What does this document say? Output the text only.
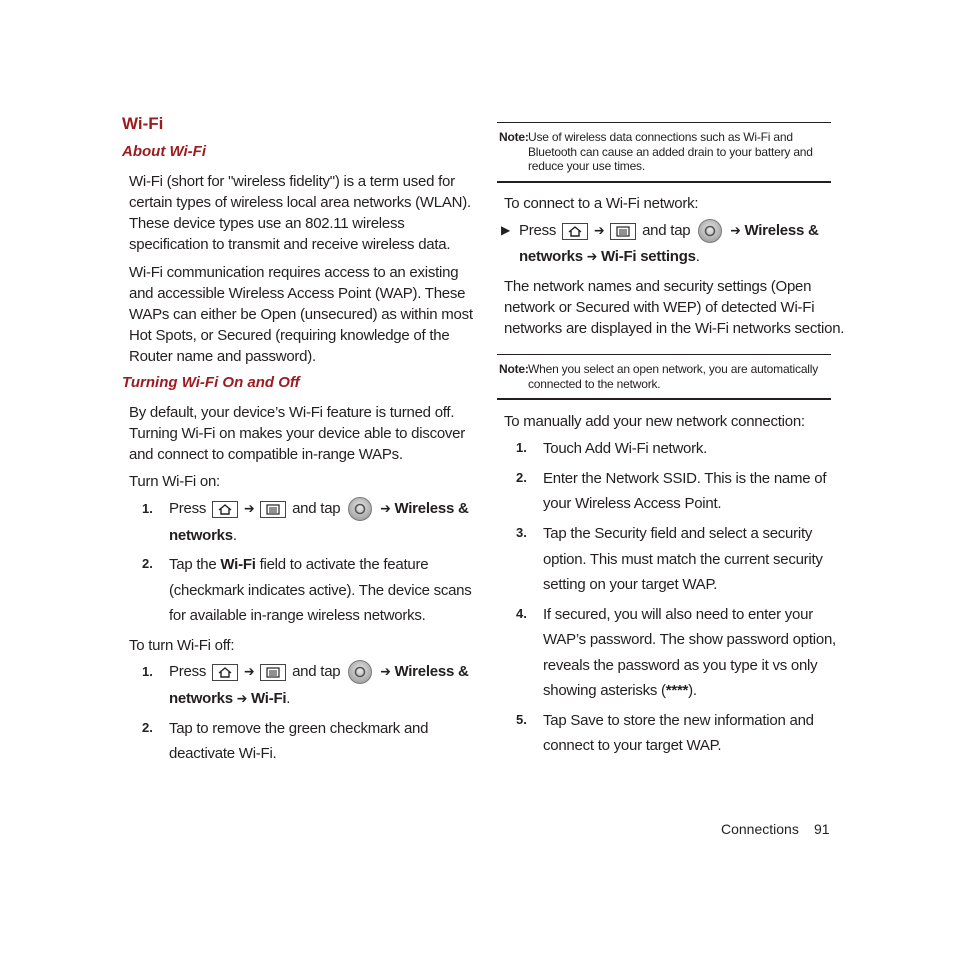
Wi-Fi
About Wi-Fi
Wi-Fi (short for "wireless fidelity") is a term used for
certain types of wireless local area networks (WLAN).
These device types use an 802.11 wireless
specification to transmit and receive wireless data.
Wi-Fi communication requires access to an existing
and accessible Wireless Access Point (WAP). These
WAPs can either be Open (unsecured) as within most
Hot Spots, or Secured (requiring knowledge of the
Router name and password).
Turning Wi-Fi On and Off
By default, your device’s Wi-Fi feature is turned off.
Turning Wi-Fi on makes your device able to discover
and connect to compatible in-range WAPs.
Turn Wi-Fi on:
1. Press	➔	and tap	➔ Wireless &
networks.
2. Tap the Wi-Fi field to activate the feature
(checkmark indicates active). The device scans
for available in-range wireless networks.
To turn Wi-Fi off:
1. Press	➔	and tap	➔ Wireless &
networks ➔ Wi-Fi.
2. Tap to remove the green checkmark and
deactivate Wi-Fi.
Note: Use of wireless data connections such as Wi-Fi and
Bluetooth can cause an added drain to your battery and
reduce your use times.
To connect to a Wi-Fi network:
▶ Press	➔	and tap	➔ Wireless &
networks ➔ Wi-Fi settings.
The network names and security settings (Open
network or Secured with WEP) of detected Wi-Fi
networks are displayed in the Wi-Fi networks section.
Note: When you select an open network, you are automatically
connected to the network.
To manually add your new network connection:
1. Touch Add Wi-Fi network.
2. Enter the Network SSID. This is the name of
your Wireless Access Point.
3. Tap the Security field and select a security
option. This must match the current security
setting on your target WAP.
4. If secured, you will also need to enter your
WAP’s password. The show password option,
reveals the password as you type it vs only
showing asterisks (****).
5. Tap Save to store the new information and
connect to your target WAP.
Connections 91
